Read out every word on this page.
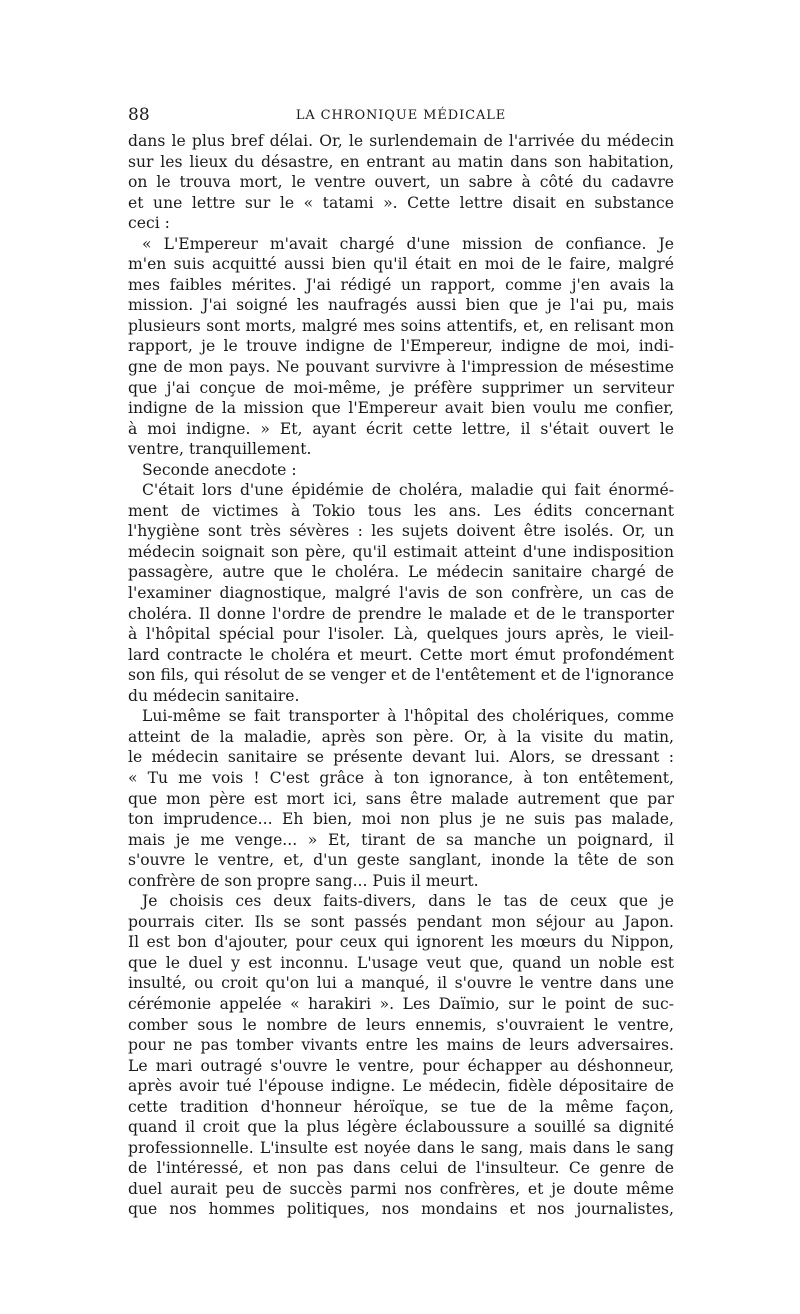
88	LA CHRONIQUE MÉDICALE
dans le plus bref délai. Or, le surlendemain de l'arrivée du médecin
sur les lieux du désastre, en entrant au matin dans son habitation,
on le trouva mort, le ventre ouvert, un sabre à côté du cadavre
et une lettre sur le « tatami ». Cette lettre disait en substance
ceci :
« L'Empereur m'avait chargé d'une mission de confiance. Je
m'en suis acquitté aussi bien qu'il était en moi de le faire, malgré
mes faibles mérites. J'ai rédigé un rapport, comme j'en avais la
mission. J'ai soigné les naufragés aussi bien que je l'ai pu, mais
plusieurs sont morts, malgré mes soins attentifs, et, en relisant mon
rapport, je le trouve indigne de l'Empereur, indigne de moi, indi-
gne de mon pays. Ne pouvant survivre à l'impression de mésestime
que j'ai conçue de moi-même, je préfère supprimer un serviteur
indigne de la mission que l'Empereur avait bien voulu me confier,
à moi indigne. » Et, ayant écrit cette lettre, il s'était ouvert le
ventre, tranquillement.
Seconde anecdote :
C'était lors d'une épidémie de choléra, maladie qui fait énormé-
ment de victimes à Tokio tous les ans. Les édits concernant
l'hygiène sont très sévères : les sujets doivent être isolés. Or, un
médecin soignait son père, qu'il estimait atteint d'une indisposition
passagère, autre que le choléra. Le médecin sanitaire chargé de
l'examiner diagnostique, malgré l'avis de son confrère, un cas de
choléra. Il donne l'ordre de prendre le malade et de le transporter
à l'hôpital spécial pour l'isoler. Là, quelques jours après, le vieil-
lard contracte le choléra et meurt. Cette mort émut profondément
son fils, qui résolut de se venger et de l'entêtement et de l'ignorance
du médecin sanitaire.
Lui-même se fait transporter à l'hôpital des cholériques, comme
atteint de la maladie, après son père. Or, à la visite du matin,
le médecin sanitaire se présente devant lui. Alors, se dressant :
« Tu me vois ! C'est grâce à ton ignorance, à ton entêtement,
que mon père est mort ici, sans être malade autrement que par
ton imprudence... Eh bien, moi non plus je ne suis pas malade,
mais je me venge... » Et, tirant de sa manche un poignard, il
s'ouvre le ventre, et, d'un geste sanglant, inonde la tête de son
confrère de son propre sang... Puis il meurt.
Je choisis ces deux faits-divers, dans le tas de ceux que je
pourrais citer. Ils se sont passés pendant mon séjour au Japon.
Il est bon d'ajouter, pour ceux qui ignorent les mœurs du Nippon,
que le duel y est inconnu. L'usage veut que, quand un noble est
insulté, ou croit qu'on lui a manqué, il s'ouvre le ventre dans une
cérémonie appelée « harakiri ». Les Daïmio, sur le point de suc-
comber sous le nombre de leurs ennemis, s'ouvraient le ventre,
pour ne pas tomber vivants entre les mains de leurs adversaires.
Le mari outragé s'ouvre le ventre, pour échapper au déshonneur,
après avoir tué l'épouse indigne. Le médecin, fidèle dépositaire de
cette tradition d'honneur héroïque, se tue de la même façon,
quand il croit que la plus légère éclaboussure a souillé sa dignité
professionnelle. L'insulte est noyée dans le sang, mais dans le sang
de l'intéressé, et non pas dans celui de l'insulteur. Ce genre de
duel aurait peu de succès parmi nos confrères, et je doute même
que nos hommes politiques, nos mondains et nos journalistes,
